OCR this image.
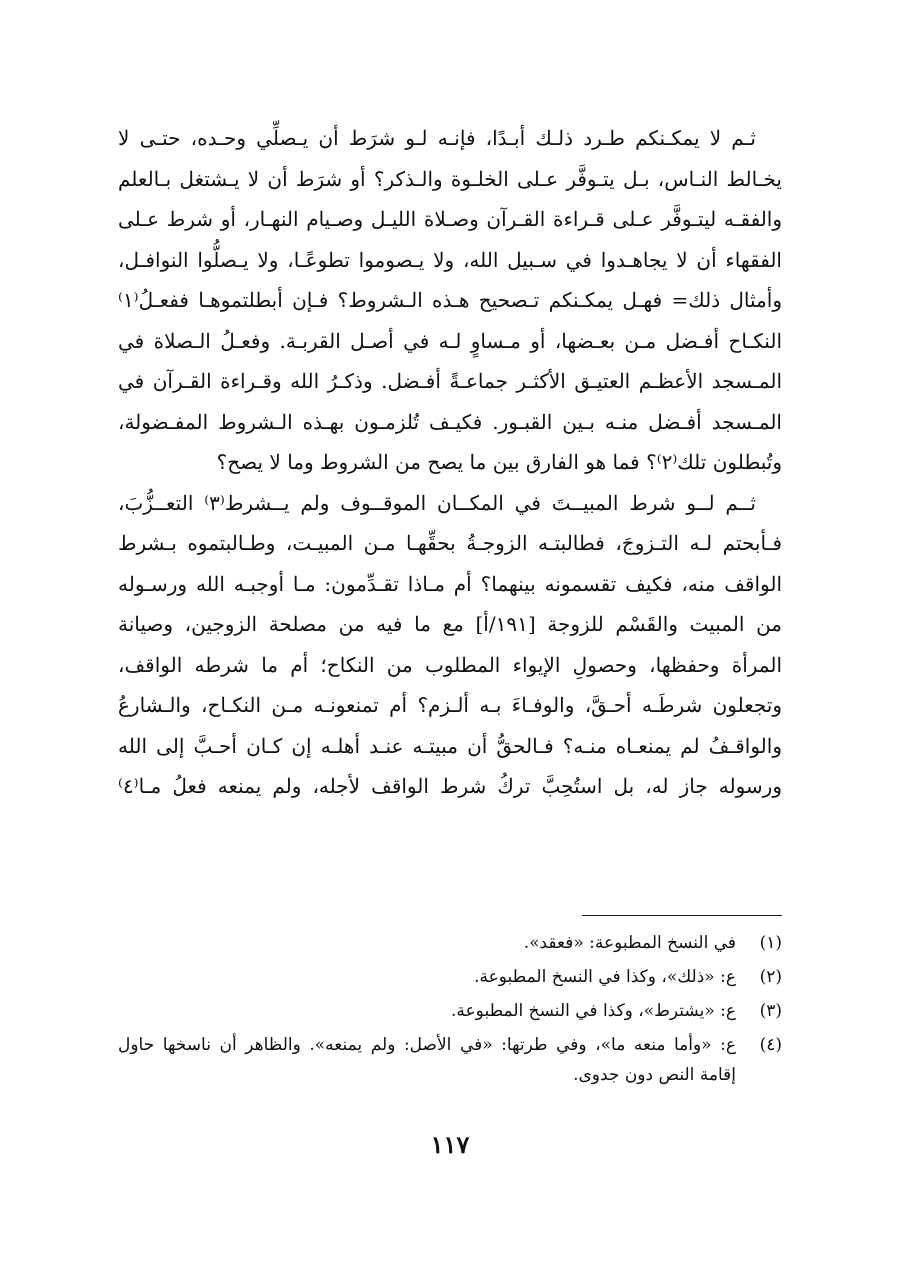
ثـم لا يمكـنكم طـرد ذلـك أبـدًا، فإنـه لـو شرَط أن يـصلِّي وحـده، حتـى لا
يخـالط النـاس، بـل يتـوفَّر عـلى الخلـوة والـذكر؟ أو شرَط أن لا يـشتغل بـالعلم
والفقـه ليتـوفَّر عـلى قـراءة القـرآن وصـلاة الليـل وصـيام النهـار، أو شرط عـلى
الفقهاء أن لا يجاهـدوا في سـبيل الله، ولا يـصوموا تطوعًـا، ولا يـصلُّوا النوافـل،
وأمثال ذلك= فهـل يمكـنكم تـصحيح هـذه الـشروط؟ فـإن أبطلتموهـا ففعـلُ⁽١⁾
النكـاح أفـضل مـن بعـضها، أو مـساوٍ لـه في أصـل القربـة. وفعـلُ الـصلاة في
المـسجد الأعظـم العتيـق الأكثـر جماعـةً أفـضل. وذكـرُ الله وقـراءة القـرآن في
المـسجد أفـضل منـه بـين القبـور. فكيـف تُلزمـون بهـذه الـشروط المفـضولة،
وتُبطلون تلك⁽٢⁾؟ فما هو الفارق بين ما يصح من الشروط وما لا يصح؟
ثــم لــو شرط المبيــتَ في المكــان الموقــوف ولم يــشرط⁽٣⁾ التعــزُّبَ،
فـأبحتم لـه التـزوجَ، فطالبتـه الزوجـةُ بحقِّهـا مـن المبيـت، وطـالبتموه بـشرط
الواقف منه، فكيف تقسمونه بينهما؟ أم مـاذا تقـدِّمون: مـا أوجبـه الله ورسـوله
من المبيت والقَسْم للزوجة [١٩١/أ] مع ما فيه من مصلحة الزوجين، وصيانة
المرأة وحفظها، وحصولِ الإيواء المطلوب من النكاح؛ أم ما شرطه الواقف،
وتجعلون شرطَـه أحـقَّ، والوفـاءَ بـه ألـزم؟ أم تمنعونـه مـن النكـاح، والـشارعُ
والواقـفُ لم يمنعـاه منـه؟ فـالحقُّ أن مبيتـه عنـد أهلـه إن كـان أحـبَّ إلى الله
ورسوله جاز له، بل استُحِبَّ تركُ شرط الواقف لأجله، ولم يمنعه فعلُ مـا⁽٤⁾
(١)
في النسخ المطبوعة: «فعقد».
(٢)
ع: «ذلك»، وكذا في النسخ المطبوعة.
(٣)
ع: «يشترط»، وكذا في النسخ المطبوعة.
(٤)
ع: «وأما منعه ما»، وفي طرتها: «في الأصل: ولم يمنعه». والظاهر أن ناسخها حاول
إقامة النص دون جدوى.
١١٧
